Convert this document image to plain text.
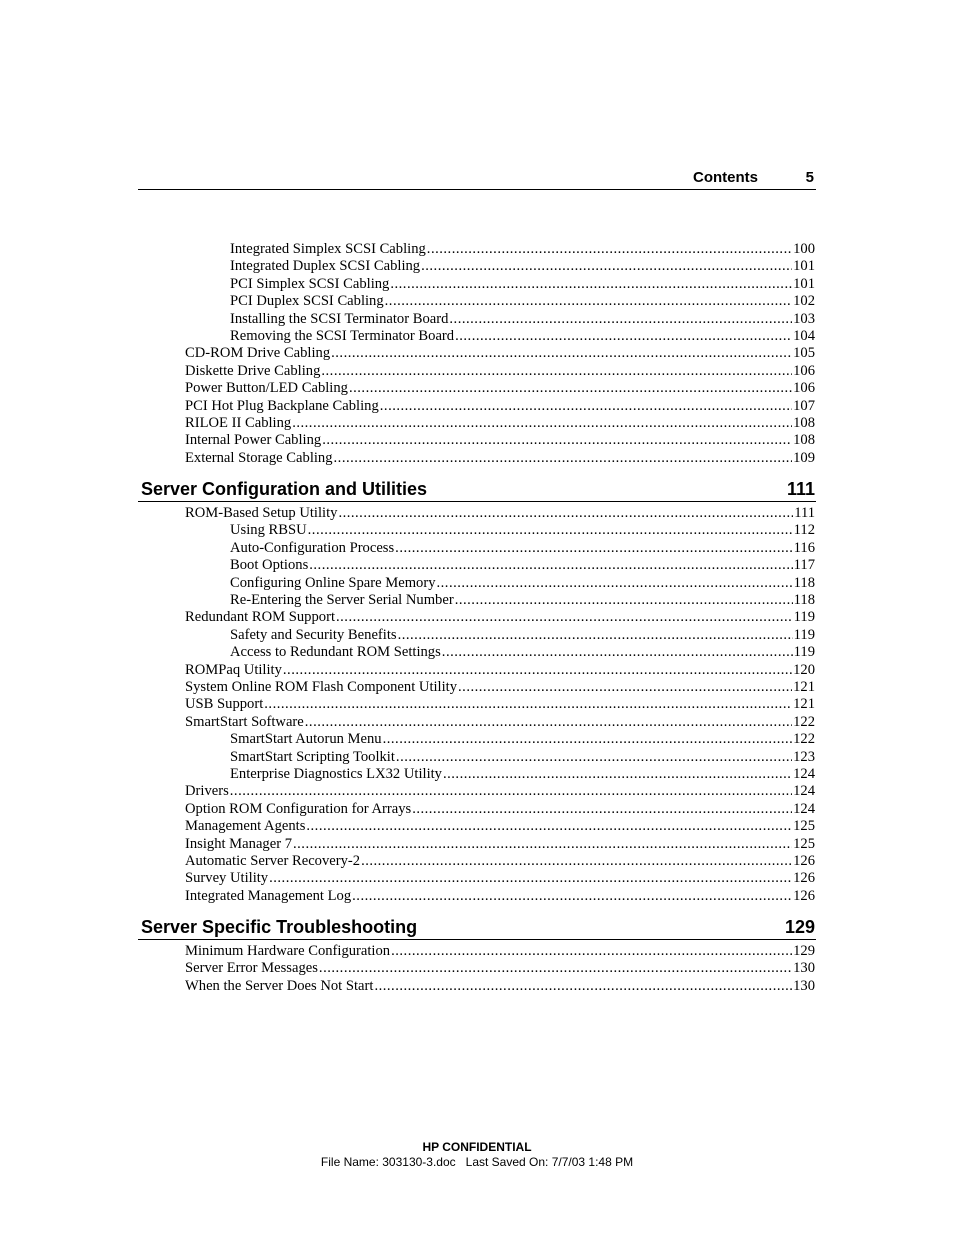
Contents	5
Integrated Simplex SCSI Cabling .....	100
Integrated Duplex SCSI Cabling .....	101
PCI Simplex SCSI Cabling .....	101
PCI Duplex SCSI Cabling .....	102
Installing the SCSI Terminator Board .....	103
Removing the SCSI Terminator Board .....	104
CD-ROM Drive Cabling .....	105
Diskette Drive Cabling .....	106
Power Button/LED Cabling .....	106
PCI Hot Plug Backplane Cabling .....	107
RILOE II Cabling .....	108
Internal Power Cabling .....	108
External Storage Cabling .....	109
Server Configuration and Utilities	111
ROM-Based Setup Utility .....	111
Using RBSU .....	112
Auto-Configuration Process .....	116
Boot Options .....	117
Configuring Online Spare Memory .....	118
Re-Entering the Server Serial Number .....	118
Redundant ROM Support .....	119
Safety and Security Benefits .....	119
Access to Redundant ROM Settings .....	119
ROMPaq Utility .....	120
System Online ROM Flash Component Utility .....	121
USB Support .....	121
SmartStart Software .....	122
SmartStart Autorun Menu .....	122
SmartStart Scripting Toolkit .....	123
Enterprise Diagnostics LX32 Utility .....	124
Drivers .....	124
Option ROM Configuration for Arrays .....	124
Management Agents .....	125
Insight Manager 7 .....	125
Automatic Server Recovery-2 .....	126
Survey Utility .....	126
Integrated Management Log .....	126
Server Specific Troubleshooting	129
Minimum Hardware Configuration .....	129
Server Error Messages .....	130
When the Server Does Not Start .....	130
HP CONFIDENTIAL
File Name: 303130-3.doc   Last Saved On: 7/7/03 1:48 PM
